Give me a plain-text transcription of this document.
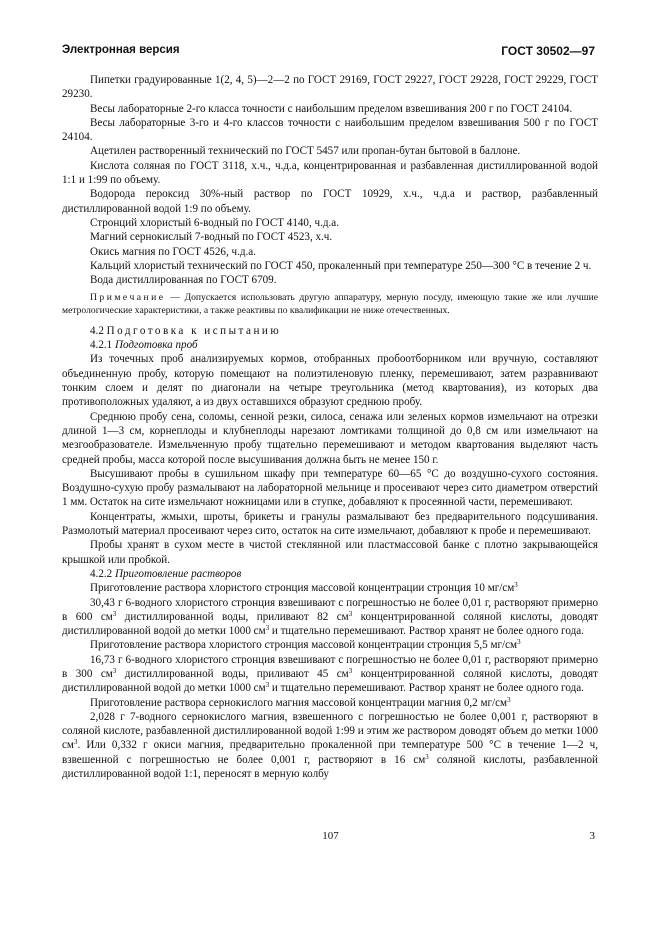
Электронная версия	ГОСТ 30502—97

Пипетки градуированные 1(2, 4, 5)—2—2 по ГОСТ 29169, ГОСТ 29227, ГОСТ 29228, ГОСТ 29229, ГОСТ 29230.

Весы лабораторные 2-го класса точности с наибольшим пределом взвешивания 200 г по ГОСТ 24104.

Весы лабораторные 3-го и 4-го классов точности с наибольшим пределом взвешивания 500 г по ГОСТ 24104.

Ацетилен растворенный технический по ГОСТ 5457 или пропан-бутан бытовой в баллоне.

Кислота соляная по ГОСТ 3118, х.ч., ч.д.а, концентрированная и разбавленная дистиллированной водой 1:1 и 1:99 по объему.

Водорода пероксид 30%-ный раствор по ГОСТ 10929, х.ч., ч.д.а и раствор, разбавленный дистиллированной водой 1:9 по объему.

Стронций хлористый 6-водный по ГОСТ 4140, ч.д.а.

Магний сернокислый 7-водный по ГОСТ 4523, х.ч.

Окись магния по ГОСТ 4526, ч.д.а.

Кальций хлористый технический по ГОСТ 450, прокаленный при температуре 250—300 °С в течение 2 ч.

Вода дистиллированная по ГОСТ 6709.

Примечание — Допускается использовать другую аппаратуру, мерную посуду, имеющую такие же или лучшие метрологические характеристики, а также реактивы по квалификации не ниже отечественных.

4.2 Подготовка к испытанию

4.2.1 Подготовка проб

Из точечных проб анализируемых кормов, отобранных пробоотборником или вручную, составляют объединенную пробу, которую помещают на полиэтиленовую пленку, перемешивают, затем разравнивают тонким слоем и делят по диагонали на четыре треугольника (метод квартования), из которых два противоположных удаляют, а из двух оставшихся образуют среднюю пробу.

Среднюю пробу сена, соломы, сенной резки, силоса, сенажа или зеленых кормов измельчают на отрезки длиной 1—3 см, корнеплоды и клубнеплоды нарезают ломтиками толщиной до 0,8 см или измельчают на мезгообразователе. Измельченную пробу тщательно перемешивают и методом квартования выделяют часть средней пробы, масса которой после высушивания должна быть не менее 150 г.

Высушивают пробы в сушильном шкафу при температуре 60—65 °С до воздушно-сухого состояния. Воздушно-сухую пробу размалывают на лабораторной мельнице и просеивают через сито диаметром отверстий 1 мм. Остаток на сите измельчают ножницами или в ступке, добавляют к просеянной части, перемешивают.

Концентраты, жмыхи, шроты, брикеты и гранулы размалывают без предварительного подсушивания. Размолотый материал просеивают через сито, остаток на сите измельчают, добавляют к пробе и перемешивают.

Пробы хранят в сухом месте в чистой стеклянной или пластмассовой банке с плотно закрывающейся крышкой или пробкой.

4.2.2 Приготовление растворов

Приготовление раствора хлористого стронция массовой концентрации стронция 10 $мг/см^3$

30,43 г 6-водного хлористого стронция взвешивают с погрешностью не более 0,01 г, растворяют примерно в 600 $см^3$ дистиллированной воды, приливают 82 $см^3$ концентрированной соляной кислоты, доводят дистиллированной водой до метки 1000 $см^3$ и тщательно перемешивают. Раствор хранят не более одного года.

Приготовление раствора хлористого стронция массовой концентрации стронция 5,5 $мг/см^3$

16,73 г 6-водного хлористого стронция взвешивают с погрешностью не более 0,01 г, растворяют примерно в 300 $см^3$ дистиллированной воды, приливают 45 $см^3$ концентрированной соляной кислоты, доводят дистиллированной водой до метки 1000 $см^3$ и тщательно перемешивают. Раствор хранят не более одного года.

Приготовление раствора сернокислого магния массовой концентрации магния 0,2 $мг/см^3$

2,028 г 7-водного сернокислого магния, взвешенного с погрешностью не более 0,001 г, растворяют в соляной кислоте, разбавленной дистиллированной водой 1:99 и этим же раствором доводят объем до метки 1000 $см^3$. Или 0,332 г окиси магния, предварительно прокаленной при температуре 500 °С в течение 1—2 ч, взвешенной с погрешностью не более 0,001 г, растворяют в 16 $см^3$ соляной кислоты, разбавленной дистиллированной водой 1:1, переносят в мерную колбу

107	3
